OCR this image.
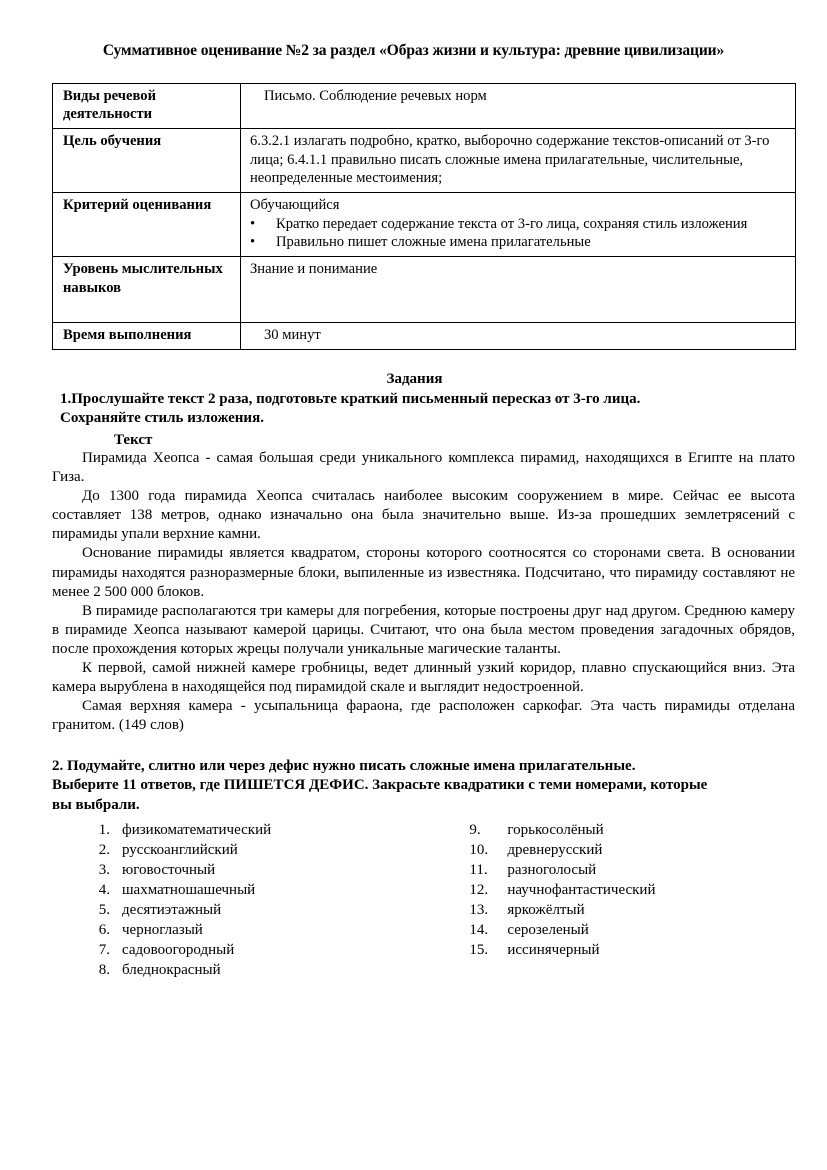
Суммативное оценивание №2 за раздел «Образ жизни и культура: древние цивилизации»
Виды речевой деятельности	Письмо. Соблюдение речевых норм

Цель обучения	6.3.2.1 излагать подробно, кратко, выборочно содержание текстов-описаний от 3-го лица; 6.4.1.1 правильно писать сложные имена прилагательные, числительные, неопределенные местоимения;
Критерий оценивания	Обучающийся
•Кратко передает содержание текста от 3-го лица, сохраняя стиль изложения
•Правильно пишет сложные имена прилагательные

Уровень мыслительных навыков	Знание и понимание
Время выполнения	30 минут
Задания
1.Прослушайте текст 2 раза, подготовьте краткий письменный пересказ от 3-го лица.
Сохраняйте стиль изложения.
Текст

Пирамида Хеопса - самая большая среди уникального комплекса пирамид, находящихся в Египте на плато Гиза.

До 1300 года пирамида Хеопса считалась наиболее высоким сооружением в мире. Сейчас ее высота составляет 138 метров, однако изначально она была значительно выше. Из-за прошедших землетрясений с пирамиды упали верхние камни.

Основание пирамиды является квадратом, стороны которого соотносятся со сторонами света. В основании пирамиды находятся разноразмерные блоки, выпиленные из известняка. Подсчитано, что пирамиду составляют не менее 2 500 000 блоков.

В пирамиде располагаются три камеры для погребения, которые построены друг над другом. Среднюю камеру в пирамиде Хеопса называют камерой царицы. Считают, что она была местом проведения загадочных обрядов, после прохождения которых жрецы получали уникальные магические таланты.

К первой, самой нижней камере гробницы, ведет длинный узкий коридор, плавно спускающийся вниз. Эта камера вырублена в находящейся под пирамидой скале и выглядит недостроенной.

Самая верхняя камера - усыпальница фараона, где расположен саркофаг. Эта часть пирамиды отделана гранитом. (149 слов)

2. Подумайте, слитно или через дефис нужно писать сложные имена прилагательные.
Выберите 11 ответов, где ПИШЕТСЯ ДЕФИС. Закрасьте квадратики с теми номерами, которые
вы выбрали.
1. физикоматематический
2. русскоанглийский
3. юговосточный
4. шахматношашечный
5. десятиэтажный
6. черноглазый
7. садовоогородный
8. бледнокрасный
9.	горькосолёный
10.	древнерусский
11.	разноголосый
12.	научнофантастический
13.	яркожёлтый
14.	серозеленый
15.	иссинячерный
